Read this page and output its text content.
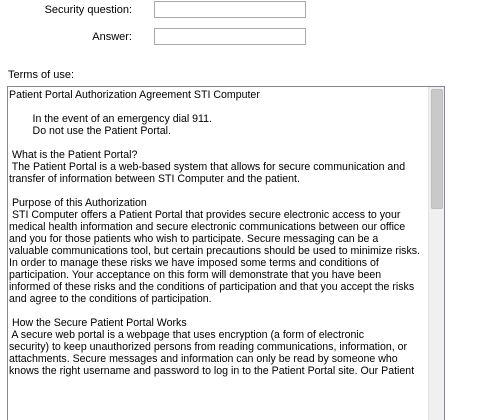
Security question:
Answer:
Terms of use:
Patient Portal Authorization Agreement STI Computer
In the event of an emergency dial 911.
Do not use the Patient Portal.
What is the Patient Portal?
The Patient Portal is a web-based system that allows for secure communication and
transfer of information between STI Computer and the patient.
Purpose of this Authorization
STI Computer offers a Patient Portal that provides secure electronic access to your
medical health information and secure electronic communications between our office
and you for those patients who wish to participate. Secure messaging can be a
valuable communications tool, but certain precautions should be used to minimize risks.
In order to manage these risks we have imposed some terms and conditions of
participation. Your acceptance on this form will demonstrate that you have been
informed of these risks and the conditions of participation and that you accept the risks
and agree to the conditions of participation.
How the Secure Patient Portal Works
A secure web portal is a webpage that uses encryption (a form of electronic
security) to keep unauthorized persons from reading communications, information, or
attachments. Secure messages and information can only be read by someone who
knows the right username and password to log in to the Patient Portal site. Our Patient
